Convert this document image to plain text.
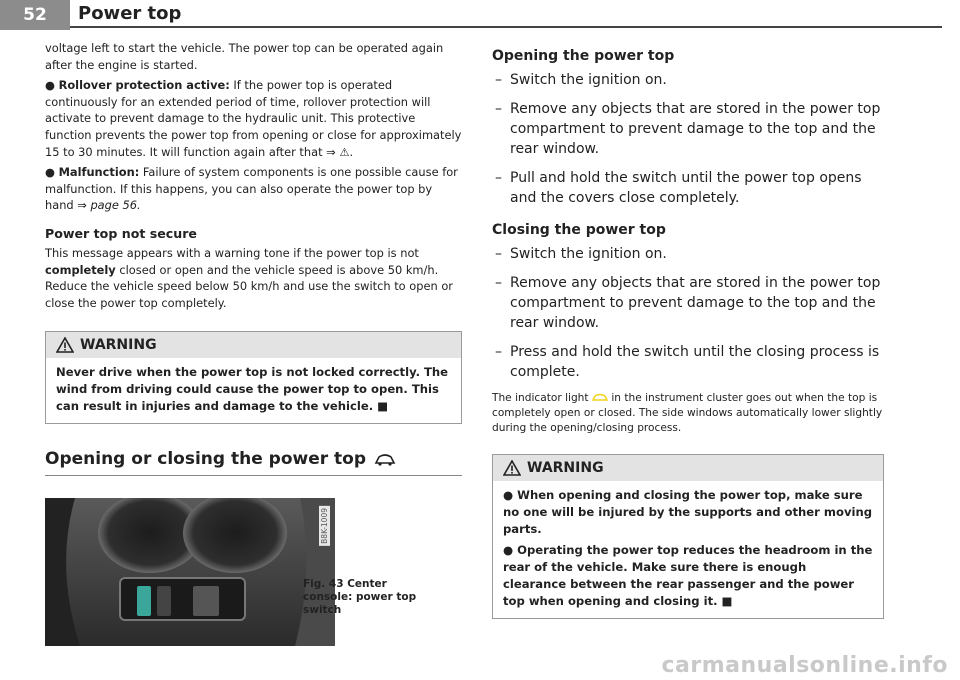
52	Power top

voltage left to start the vehicle. The power top can be operated again after the engine is started.

● Rollover protection active: If the power top is operated continuously for an extended period of time, rollover protection will activate to prevent damage to the hydraulic unit. This protective function prevents the power top from opening or close for approximately 15 to 30 minutes. It will function again after that ⇒ ⚠.

● Malfunction: Failure of system components is one possible cause for malfunction. If this happens, you can also operate the power top by hand ⇒ page 56.

Power top not secure

This message appears with a warning tone if the power top is not completely closed or open and the vehicle speed is above 50 km/h. Reduce the vehicle speed below 50 km/h and use the switch to open or close the power top completely.

WARNING

Never drive when the power top is not locked correctly. The wind from driving could cause the power top to open. This can result in injuries and damage to the vehicle. ■

Opening or closing the power top
B8K-1009
Fig. 43 Center console: power top switch

Opening the power top

– Switch the ignition on.

– Remove any objects that are stored in the power top compartment to prevent damage to the top and the rear window.

– Pull and hold the switch until the power top opens and the covers close completely.

Closing the power top

– Switch the ignition on.

– Remove any objects that are stored in the power top compartment to prevent damage to the top and the rear window.

– Press and hold the switch until the closing process is complete.

The indicator light in the instrument cluster goes out when the top is completely open or closed. The side windows automatically lower slightly during the opening/closing process.

WARNING

● When opening and closing the power top, make sure no one will be injured by the supports and other moving parts.

● Operating the power top reduces the headroom in the rear of the vehicle. Make sure there is enough clearance between the rear passenger and the power top when opening and closing it. ■

carmanualsonline.info
